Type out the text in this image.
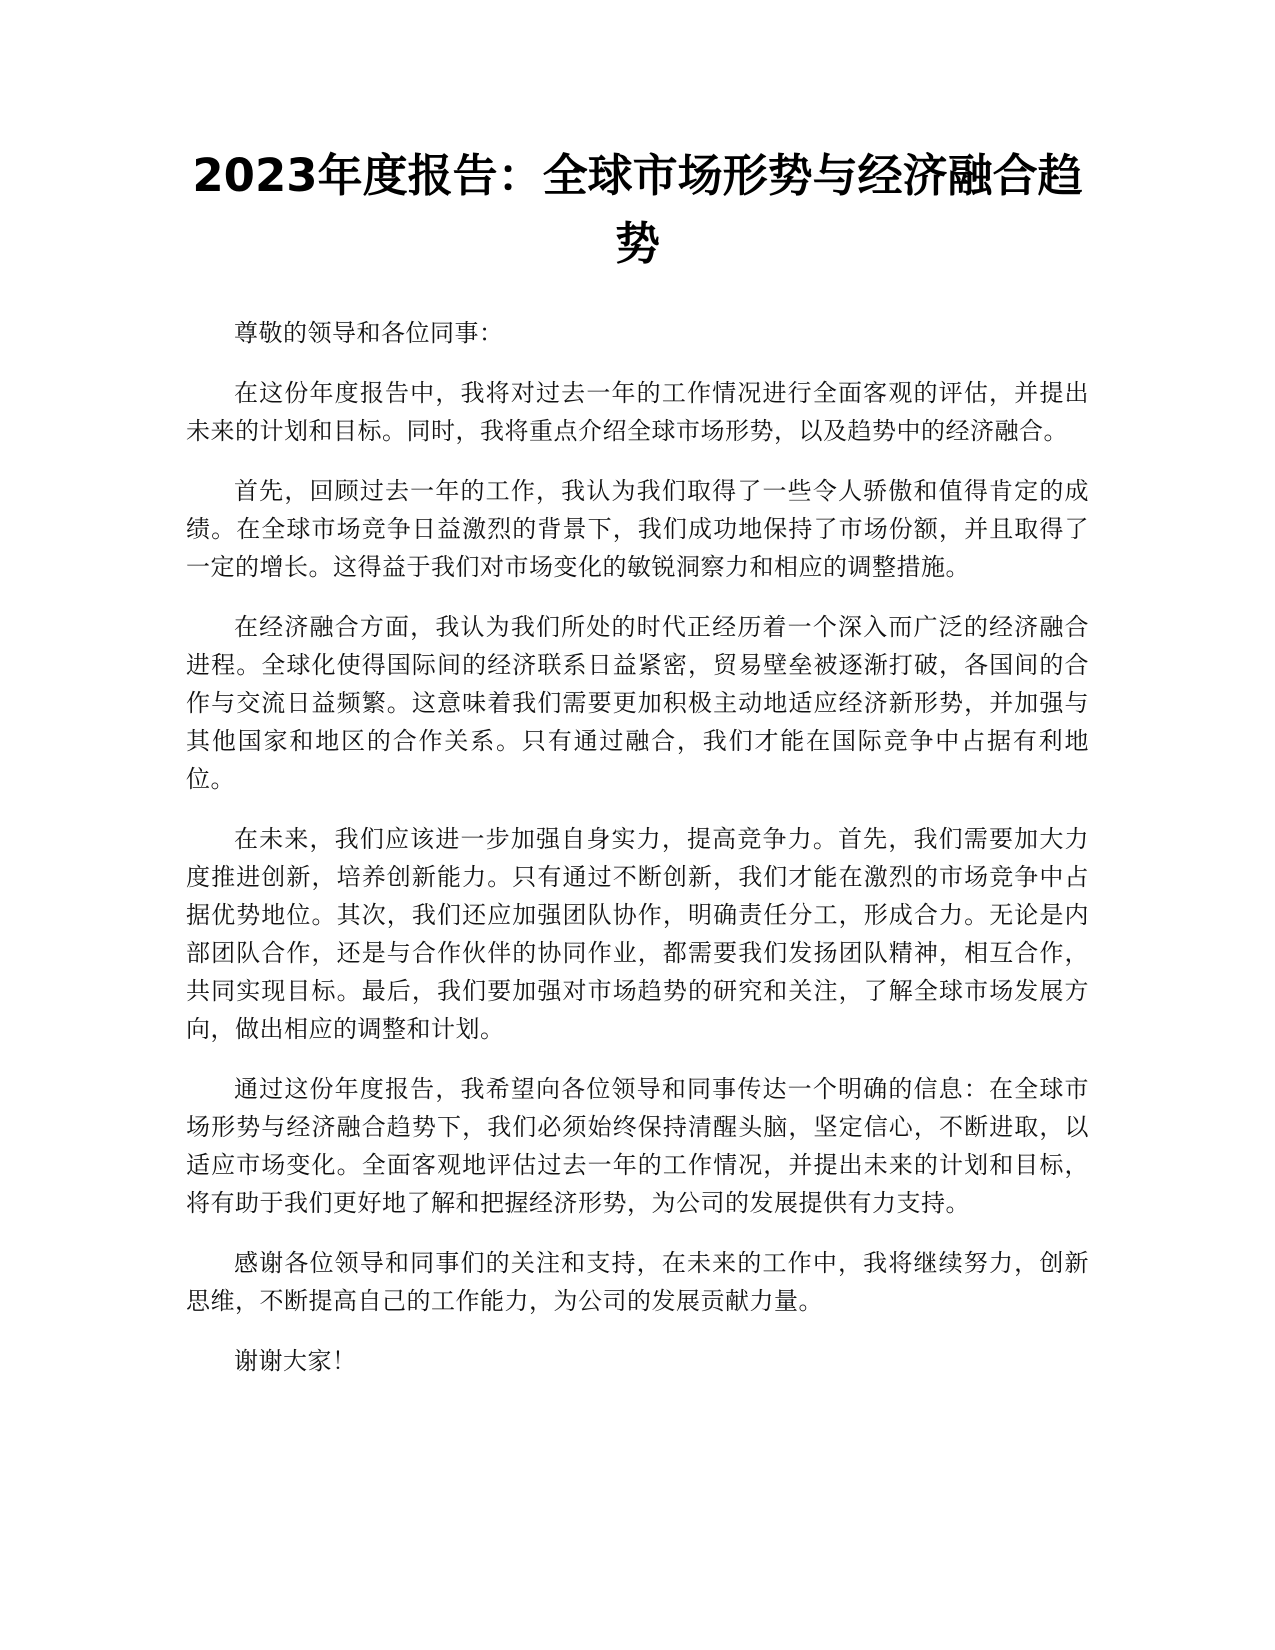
2023年度报告：全球市场形势与经济融合趋势

尊敬的领导和各位同事：

在这份年度报告中，我将对过去一年的工作情况进行全面客观的评估，并提出未来的计划和目标。同时，我将重点介绍全球市场形势，以及趋势中的经济融合。

首先，回顾过去一年的工作，我认为我们取得了一些令人骄傲和值得肯定的成绩。在全球市场竞争日益激烈的背景下，我们成功地保持了市场份额，并且取得了一定的增长。这得益于我们对市场变化的敏锐洞察力和相应的调整措施。

在经济融合方面，我认为我们所处的时代正经历着一个深入而广泛的经济融合进程。全球化使得国际间的经济联系日益紧密，贸易壁垒被逐渐打破，各国间的合作与交流日益频繁。这意味着我们需要更加积极主动地适应经济新形势，并加强与其他国家和地区的合作关系。只有通过融合，我们才能在国际竞争中占据有利地位。

在未来，我们应该进一步加强自身实力，提高竞争力。首先，我们需要加大力度推进创新，培养创新能力。只有通过不断创新，我们才能在激烈的市场竞争中占据优势地位。其次，我们还应加强团队协作，明确责任分工，形成合力。无论是内部团队合作，还是与合作伙伴的协同作业，都需要我们发扬团队精神，相互合作，共同实现目标。最后，我们要加强对市场趋势的研究和关注，了解全球市场发展方向，做出相应的调整和计划。

通过这份年度报告，我希望向各位领导和同事传达一个明确的信息：在全球市场形势与经济融合趋势下，我们必须始终保持清醒头脑，坚定信心，不断进取，以适应市场变化。全面客观地评估过去一年的工作情况，并提出未来的计划和目标，将有助于我们更好地了解和把握经济形势，为公司的发展提供有力支持。

感谢各位领导和同事们的关注和支持，在未来的工作中，我将继续努力，创新思维，不断提高自己的工作能力，为公司的发展贡献力量。

谢谢大家！
